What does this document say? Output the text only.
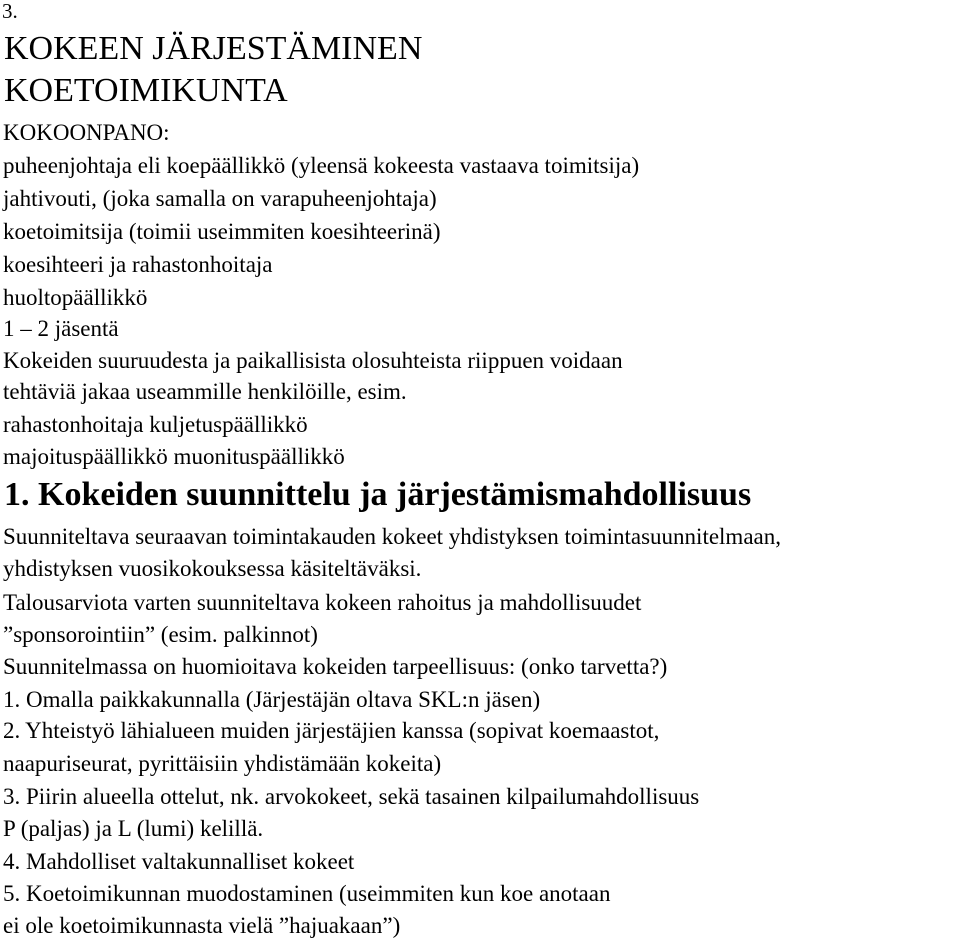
3.
KOKEEN JÄRJESTÄMINEN
KOETOIMIKUNTA
KOKOONPANO:
puheenjohtaja eli koepäällikkö (yleensä kokeesta vastaava toimitsija)
jahtivouti, (joka samalla on varapuheenjohtaja)
koetoimitsija (toimii useimmiten koesihteerinä)
koesihteeri ja rahastonhoitaja
huoltopäällikkö
1 – 2 jäsentä
Kokeiden suuruudesta ja paikallisista olosuhteista riippuen voidaan
tehtäviä jakaa useammille henkilöille, esim.
rahastonhoitaja kuljetuspäällikkö
majoituspäällikkö muonituspäällikkö
1. Kokeiden suunnittelu ja järjestämismahdollisuus
Suunniteltava seuraavan toimintakauden kokeet yhdistyksen toimintasuunnitelmaan,
yhdistyksen vuosikokouksessa käsiteltäväksi.
Talousarviota varten suunniteltava kokeen rahoitus ja mahdollisuudet
”sponsorointiin” (esim. palkinnot)
Suunnitelmassa on huomioitava kokeiden tarpeellisuus: (onko tarvetta?)
1. Omalla paikkakunnalla (Järjestäjän oltava SKL:n jäsen)
2. Yhteistyö lähialueen muiden järjestäjien kanssa (sopivat koemaastot,
naapuriseurat, pyrittäisiin yhdistämään kokeita)
3. Piirin alueella ottelut, nk. arvokokeet, sekä tasainen kilpailumahdollisuus
P (paljas) ja L (lumi) kelillä.
4. Mahdolliset valtakunnalliset kokeet
5. Koetoimikunnan muodostaminen (useimmiten kun koe anotaan
ei ole koetoimikunnasta vielä ”hajuakaan”)
